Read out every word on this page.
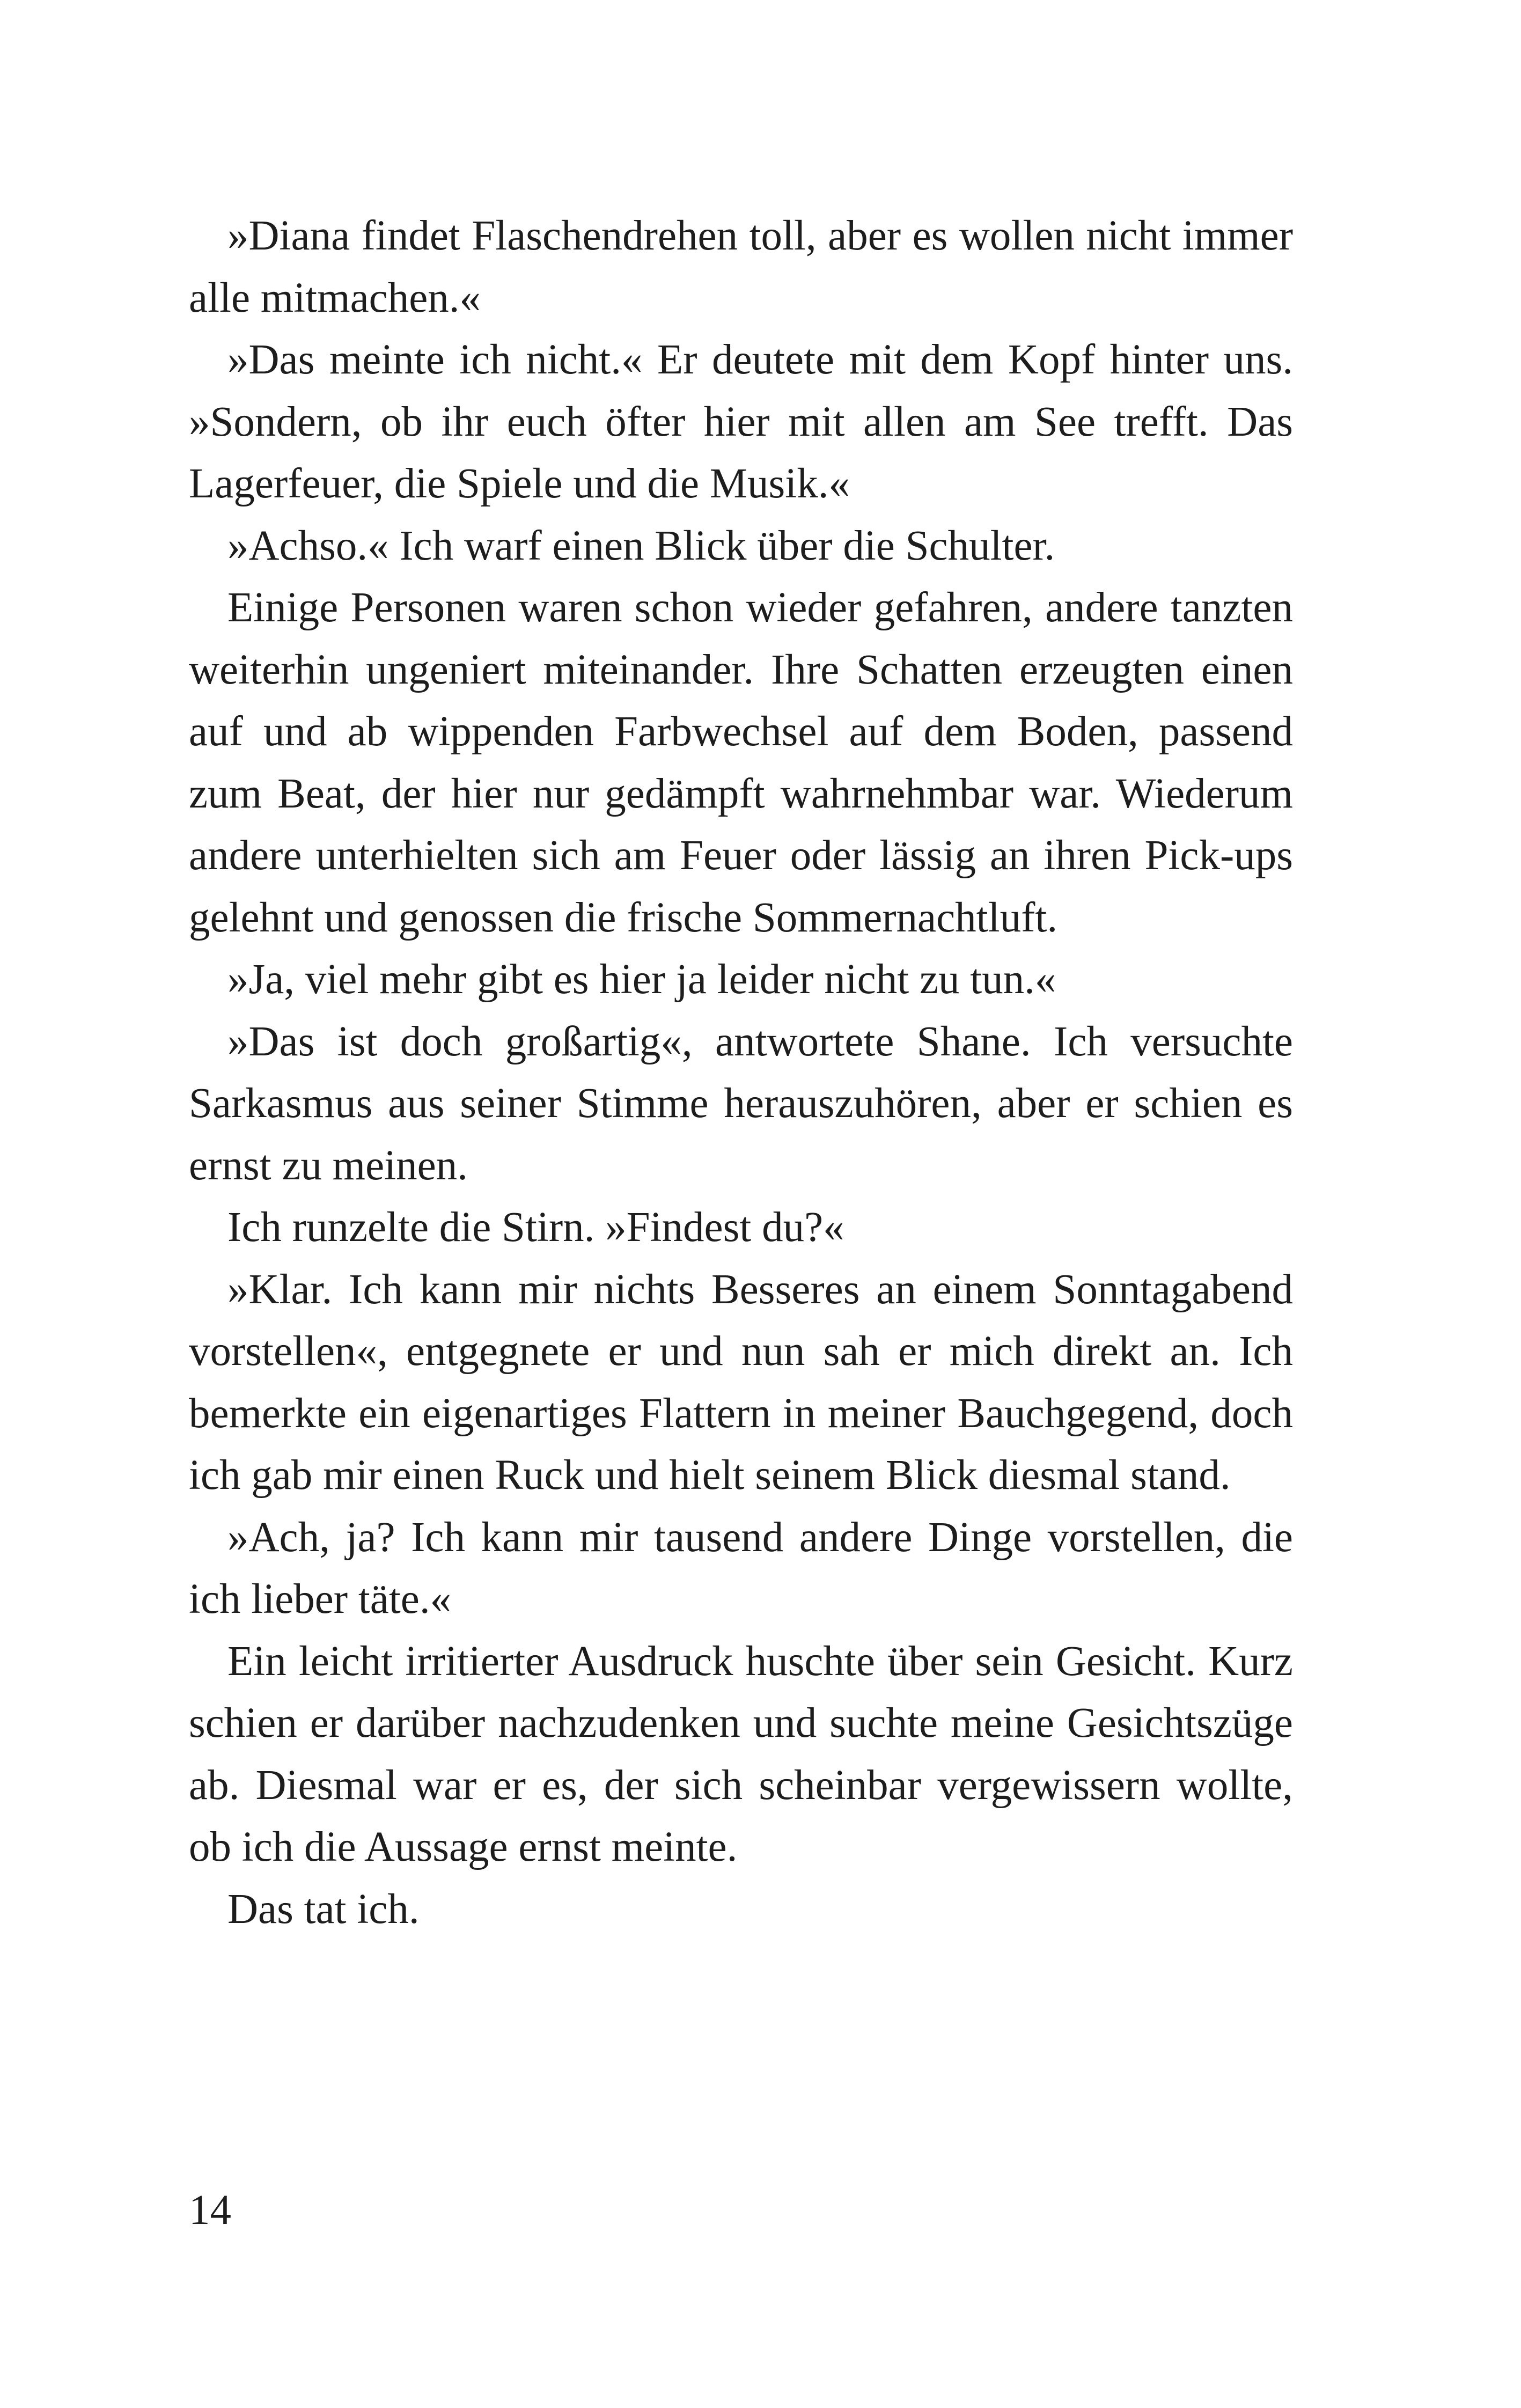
»Diana findet Flaschendrehen toll, aber es wollen nicht immer alle mitmachen.«

»Das meinte ich nicht.« Er deutete mit dem Kopf hinter uns. »Sondern, ob ihr euch öfter hier mit allen am See trefft. Das Lagerfeuer, die Spiele und die Musik.«

»Achso.« Ich warf einen Blick über die Schulter.

Einige Personen waren schon wieder gefahren, andere tanzten weiterhin ungeniert miteinander. Ihre Schatten erzeugten einen auf und ab wippenden Farbwechsel auf dem Boden, passend zum Beat, der hier nur gedämpft wahrnehmbar war. Wiederum andere unterhielten sich am Feuer oder lässig an ihren Pick-ups gelehnt und genossen die frische Sommernachtluft.

»Ja, viel mehr gibt es hier ja leider nicht zu tun.«

»Das ist doch großartig«, antwortete Shane. Ich versuchte Sarkasmus aus seiner Stimme herauszuhören, aber er schien es ernst zu meinen.

Ich runzelte die Stirn. »Findest du?«

»Klar. Ich kann mir nichts Besseres an einem Sonntagabend vorstellen«, entgegnete er und nun sah er mich direkt an. Ich bemerkte ein eigenartiges Flattern in meiner Bauchgegend, doch ich gab mir einen Ruck und hielt seinem Blick diesmal stand.

»Ach, ja? Ich kann mir tausend andere Dinge vorstellen, die ich lieber täte.«

Ein leicht irritierter Ausdruck huschte über sein Gesicht. Kurz schien er darüber nachzudenken und suchte meine Gesichtszüge ab. Diesmal war er es, der sich scheinbar vergewissern wollte, ob ich die Aussage ernst meinte.

Das tat ich.

14
